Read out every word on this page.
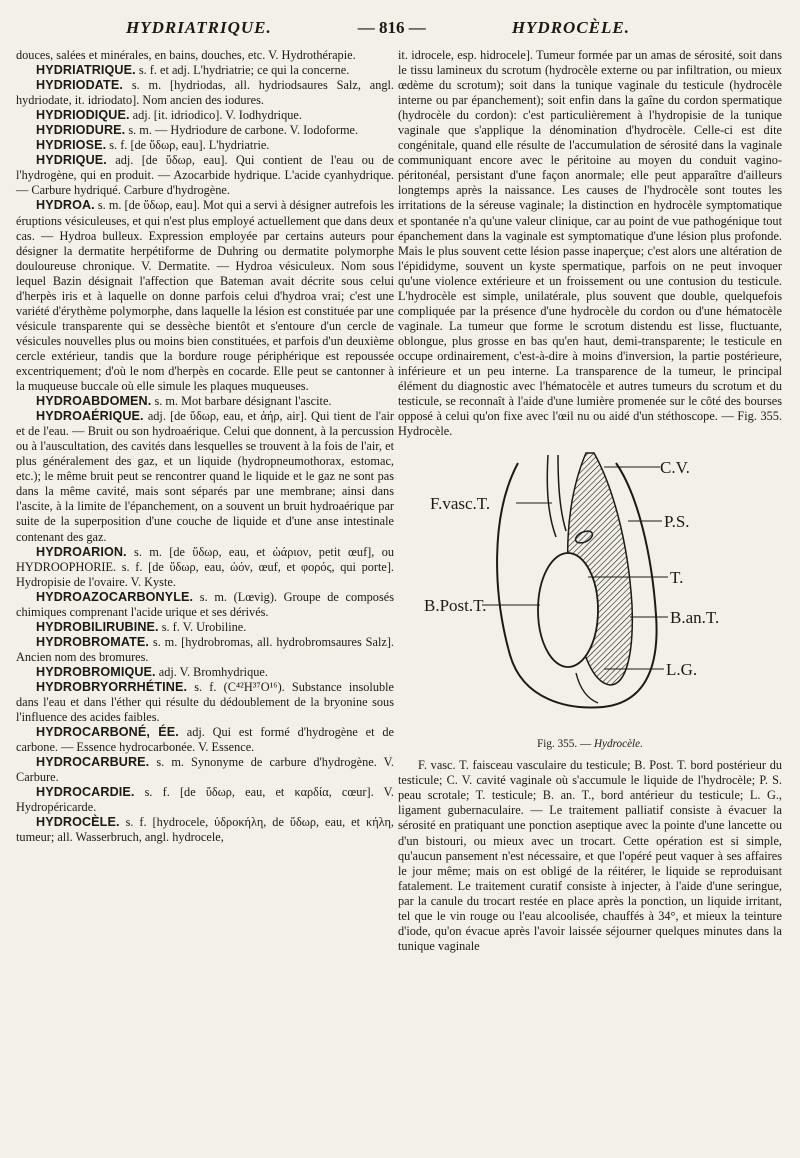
HYDRIATRIQUE.	— 816 —	HYDROCÈLE.

douces, salées et minérales, en bains, douches, etc. V. Hydrothérapie.

HYDRIATRIQUE. s. f. et adj. L'hydriatrie; ce qui la concerne.

HYDRIODATE. s. m. [hydriodas, all. hydriodsaures Salz, angl. hydriodate, it. idriodato]. Nom ancien des iodures.

HYDRIODIQUE. adj. [it. idriodico]. V. Iodhydrique.

HYDRIODURE. s. m. — Hydriodure de carbone. V. Iodoforme.

HYDRIOSE. s. f. [de ὕδωρ, eau]. L'hydriatrie.

HYDRIQUE. adj. [de ὕδωρ, eau]. Qui contient de l'eau ou de l'hydrogène, qui en produit. — Azocarbide hydrique. L'acide cyanhydrique. — Carbure hydriqué. Carbure d'hydrogène.

HYDROA. s. m. [de ὕδωρ, eau]. Mot qui a servi à désigner autrefois les éruptions vésiculeuses, et qui n'est plus employé actuellement que dans deux cas. — Hydroa bulleux. Expression employée par certains auteurs pour désigner la dermatite herpétiforme de Duhring ou dermatite polymorphe douloureuse chronique. V. Dermatite. — Hydroa vésiculeux. Nom sous lequel Bazin désignait l'affection que Bateman avait décrite sous celui d'herpès iris et à laquelle on donne parfois celui d'hydroa vrai; c'est une variété d'érythème polymorphe, dans laquelle la lésion est constituée par une vésicule transparente qui se dessèche bientôt et s'entoure d'un cercle de vésicules nouvelles plus ou moins bien constituées, et parfois d'un deuxième cercle extérieur, tandis que la bordure rouge périphérique est repoussée excentriquement; d'où le nom d'herpès en cocarde. Elle peut se cantonner à la muqueuse buccale où elle simule les plaques muqueuses.

HYDROABDOMEN. s. m. Mot barbare désignant l'ascite.

HYDROAÉRIQUE. adj. [de ὕδωρ, eau, et ἀήρ, air]. Qui tient de l'air et de l'eau. — Bruit ou son hydroaérique. Celui que donnent, à la percussion ou à l'auscultation, des cavités dans lesquelles se trouvent à la fois de l'air, et plus généralement des gaz, et un liquide (hydropneumothorax, estomac, etc.); le même bruit peut se rencontrer quand le liquide et le gaz ne sont pas dans la même cavité, mais sont séparés par une membrane; ainsi dans l'ascite, à la limite de l'épanchement, on a souvent un bruit hydroaérique par suite de la superposition d'une couche de liquide et d'une anse intestinale contenant des gaz.

HYDROARION. s. m. [de ὕδωρ, eau, et ὠάριον, petit œuf], ou HYDROOPHORIE. s. f. [de ὕδωρ, eau, ὠόν, œuf, et φορός, qui porte]. Hydropisie de l'ovaire. V. Kyste.

HYDROAZOCARBONYLE. s. m. (Lœvig). Groupe de composés chimiques comprenant l'acide urique et ses dérivés.

HYDROBILIRUBINE. s. f. V. Urobiline.

HYDROBROMATE. s. m. [hydrobromas, all. hydrobromsaures Salz]. Ancien nom des bromures.

HYDROBROMIQUE. adj. V. Bromhydrique.

HYDROBRYORRHÉTINE. s. f. (C⁴²H³⁷O¹⁶). Substance insoluble dans l'eau et dans l'éther qui résulte du dédoublement de la bryonine sous l'influence des acides faibles.

HYDROCARBONÉ, ÉE. adj. Qui est formé d'hydrogène et de carbone. — Essence hydrocarbonée. V. Essence.

HYDROCARBURE. s. m. Synonyme de carbure d'hydrogène. V. Carbure.

HYDROCARDIE. s. f. [de ὕδωρ, eau, et καρδία, cœur]. V. Hydropéricarde.

HYDROCÈLE. s. f. [hydrocele, ὑδροκήλη, de ὕδωρ, eau, et κήλη, tumeur; all. Wasserbruch, angl. hydrocele,

it. idrocele, esp. hidrocele]. Tumeur formée par un amas de sérosité, soit dans le tissu lamineux du scrotum (hydrocèle externe ou par infiltration, ou mieux œdème du scrotum); soit dans la tunique vaginale du testicule (hydrocèle interne ou par épanchement); soit enfin dans la gaîne du cordon spermatique (hydrocèle du cordon): c'est particulièrement à l'hydropisie de la tunique vaginale que s'applique la dénomination d'hydrocèle. Celle-ci est dite congénitale, quand elle résulte de l'accumulation de sérosité dans la vaginale communiquant encore avec le péritoine au moyen du conduit vagino-péritonéal, persistant d'une façon anormale; elle peut apparaître d'ailleurs longtemps après la naissance. Les causes de l'hydrocèle sont toutes les irritations de la séreuse vaginale; la distinction en hydrocèle symptomatique et spontanée n'a qu'une valeur clinique, car au point de vue pathogénique tout épanchement dans la vaginale est symptomatique d'une lésion plus profonde. Mais le plus souvent cette lésion passe inaperçue; c'est alors une altération de l'épididyme, souvent un kyste spermatique, parfois on ne peut invoquer qu'une violence extérieure et un froissement ou une contusion du testicule. L'hydrocèle est simple, unilatérale, plus souvent que double, quelquefois compliquée par la présence d'une hydrocèle du cordon ou d'une hématocèle vaginale. La tumeur que forme le scrotum distendu est lisse, fluctuante, oblongue, plus grosse en bas qu'en haut, demi-transparente; le testicule en occupe ordinairement, c'est-à-dire à moins d'inversion, la partie postérieure, inférieure et un peu interne. La transparence de la tumeur, le principal élément du diagnostic avec l'hématocèle et autres tumeurs du scrotum et du testicule, se reconnaît à l'aide d'une lumière promenée sur le côté des bourses opposé à celui qu'on fixe avec l'œil nu ou aidé d'un stéthoscope. — Fig. 355. Hydrocèle.

C.V.
F.vasc.T.
P.S.
T.
B.Post.T.
B.an.T.
L.G.
Fig. 355. — Hydrocèle.

F. vasc. T. faisceau vasculaire du testicule; B. Post. T. bord postérieur du testicule; C. V. cavité vaginale où s'accumule le liquide de l'hydrocèle; P. S. peau scrotale; T. testicule; B. an. T., bord antérieur du testicule; L. G., ligament gubernaculaire. — Le traitement palliatif consiste à évacuer la sérosité en pratiquant une ponction aseptique avec la pointe d'une lancette ou d'un bistouri, ou mieux avec un trocart. Cette opération est si simple, qu'aucun pansement n'est nécessaire, et que l'opéré peut vaquer à ses affaires le jour même; mais on est obligé de la réitérer, le liquide se reproduisant fatalement. Le traitement curatif consiste à injecter, à l'aide d'une seringue, par la canule du trocart restée en place après la ponction, un liquide irritant, tel que le vin rouge ou l'eau alcoolisée, chauffés à 34°, et mieux la teinture d'iode, qu'on évacue après l'avoir laissée séjourner quelques minutes dans la tunique vaginale
